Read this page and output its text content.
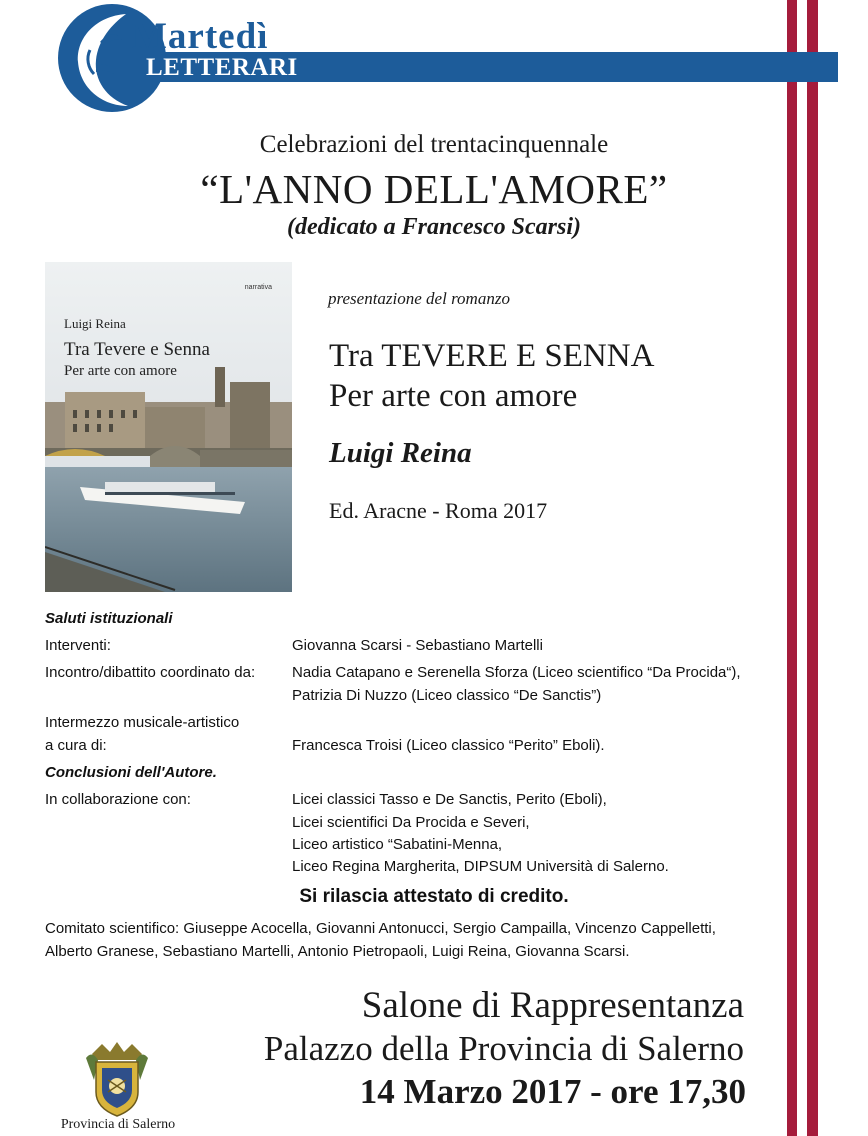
Martedì
LETTERARI
Celebrazioni del trentacinquennale
“L'ANNO DELL'AMORE”
(dedicato a Francesco Scarsi)
narrativa
Luigi Reina
Tra Tevere e Senna
Per arte con amore
presentazione del romanzo
Tra TEVERE E SENNA
Per arte con amore
Luigi Reina
Ed. Aracne - Roma 2017
Saluti istituzionali
Interventi:	Giovanna Scarsi - Sebastiano Martelli
Incontro/dibattito coordinato da: Nadia Catapano e Serenella Sforza (Liceo scientifico “Da Procida“),
Patrizia Di Nuzzo (Liceo classico “De Sanctis”)
Intermezzo musicale-artistico
a cura di:	Francesca Troisi (Liceo classico “Perito” Eboli).
Conclusioni dell'Autore.
In collaborazione con:	Licei classici Tasso e De Sanctis, Perito (Eboli),
Licei scientifici Da Procida e Severi,
Liceo artistico “Sabatini-Menna,
Liceo Regina Margherita, DIPSUM Università di Salerno.
Comitato scientifico: Giuseppe Acocella, Giovanni Antonucci, Sergio Campailla, Vincenzo Cappelletti,
Alberto Granese, Sebastiano Martelli, Antonio Pietropaoli, Luigi Reina, Giovanna Scarsi.
Si rilascia attestato di credito.
Salone di Rappresentanza
Palazzo della Provincia di Salerno
14 Marzo 2017 - ore 17,30
Provincia di Salerno
